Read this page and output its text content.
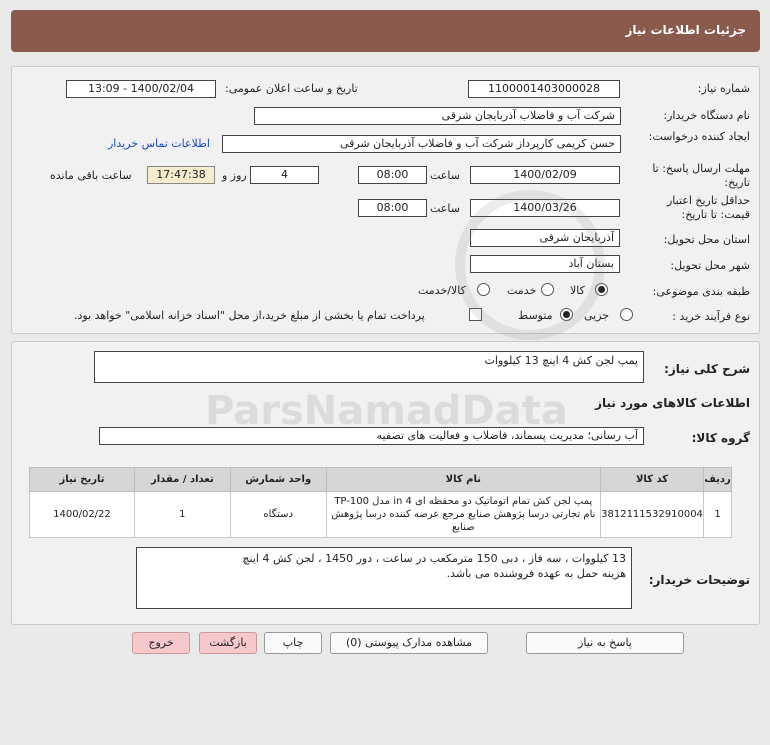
جزئیات اطلاعات نیاز
شماره نیاز:
1100001403000028
تاریخ و ساعت اعلان عمومی:
1400/02/04 - 13:09
نام دستگاه خریدار:
شرکت آب و فاضلاب آذربایجان شرقی
ایجاد کننده درخواست:
حسن کریمی کارپرداز شرکت آب و فاضلاب آذربایجان شرقی
اطلاعات تماس خریدار
مهلت ارسال پاسخ: تا تاریخ:
1400/02/09
ساعت
08:00
4
روز و
17:47:38
ساعت باقی مانده
حداقل تاریخ اعتبار قیمت: تا تاریخ:
1400/03/26
ساعت
08:00
استان محل تحویل:
آذربایجان شرقی
شهر محل تحویل:
بستان آباد
طبقه بندی موضوعی:
کالا
خدمت
کالا/خدمت
نوع فرآیند خرید :
جزیی
متوسط
پرداخت تمام یا بخشی از مبلغ خرید،از محل "اسناد خزانه اسلامی" خواهد بود.
شرح کلی نیاز:
پمپ لجن کش 4 اینچ 13 کیلووات
اطلاعات کالاهای مورد نیاز
گروه کالا:
آب رسانی؛ مدیریت پسماند، فاضلاب و فعالیت های تصفیه
ردیف	کد کالا	نام کالا	واحد شمارش	تعداد / مقدار	تاریخ نیاز
1	3812111532910004	پمپ لجن کش تمام اتوماتیک دو محفظه ای 4 in مدل TP-100 نام تجارتی درسا پژوهش صنایع مرجع عرضه کننده درسا پژوهش صنایع	دستگاه	1	1400/02/22
توضیحات خریدار:
13 کیلووات ، سه فاز ، دبی 150 مترمکعب در ساعت ، دور 1450 ، لجن کش 4 اینچ
هزینه حمل به عهده فروشنده می باشد.
پاسخ به نیاز
مشاهده مدارک پیوستی (0)
چاپ
بازگشت
خروج
